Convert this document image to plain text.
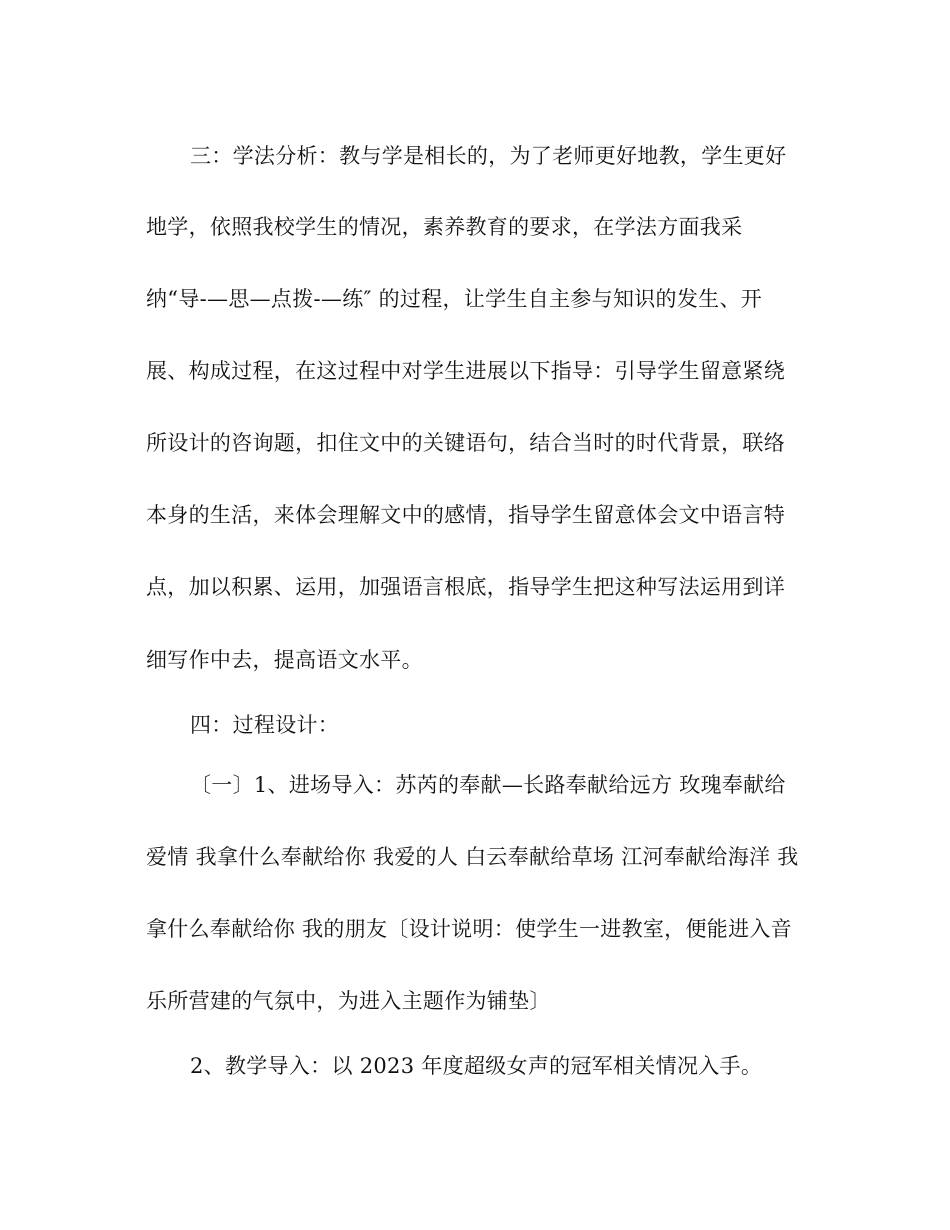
三：学法分析：教与学是相长的，为了老师更好地教，学生更好
地学，依照我校学生的情况，素养教育的要求，在学法方面我采
纳“导-—思—点拨-—练″ 的过程，让学生自主参与知识的发生、开
展、构成过程，在这过程中对学生进展以下指导：引导学生留意紧绕
所设计的咨询题，扣住文中的关键语句，结合当时的时代背景，联络
本身的生活，来体会理解文中的感情，指导学生留意体会文中语言特
点，加以积累、运用，加强语言根底，指导学生把这种写法运用到详
细写作中去，提高语文水平。
四：过程设计：
〔一〕1、进场导入：苏芮的奉献—长路奉献给远方 玫瑰奉献给
爱情 我拿什么奉献给你 我爱的人 白云奉献给草场 江河奉献给海洋 我
拿什么奉献给你 我的朋友〔设计说明：使学生一进教室，便能进入音
乐所营建的气氛中，为进入主题作为铺垫〕
2、教学导入：以 2023 年度超级女声的冠军相关情况入手。
